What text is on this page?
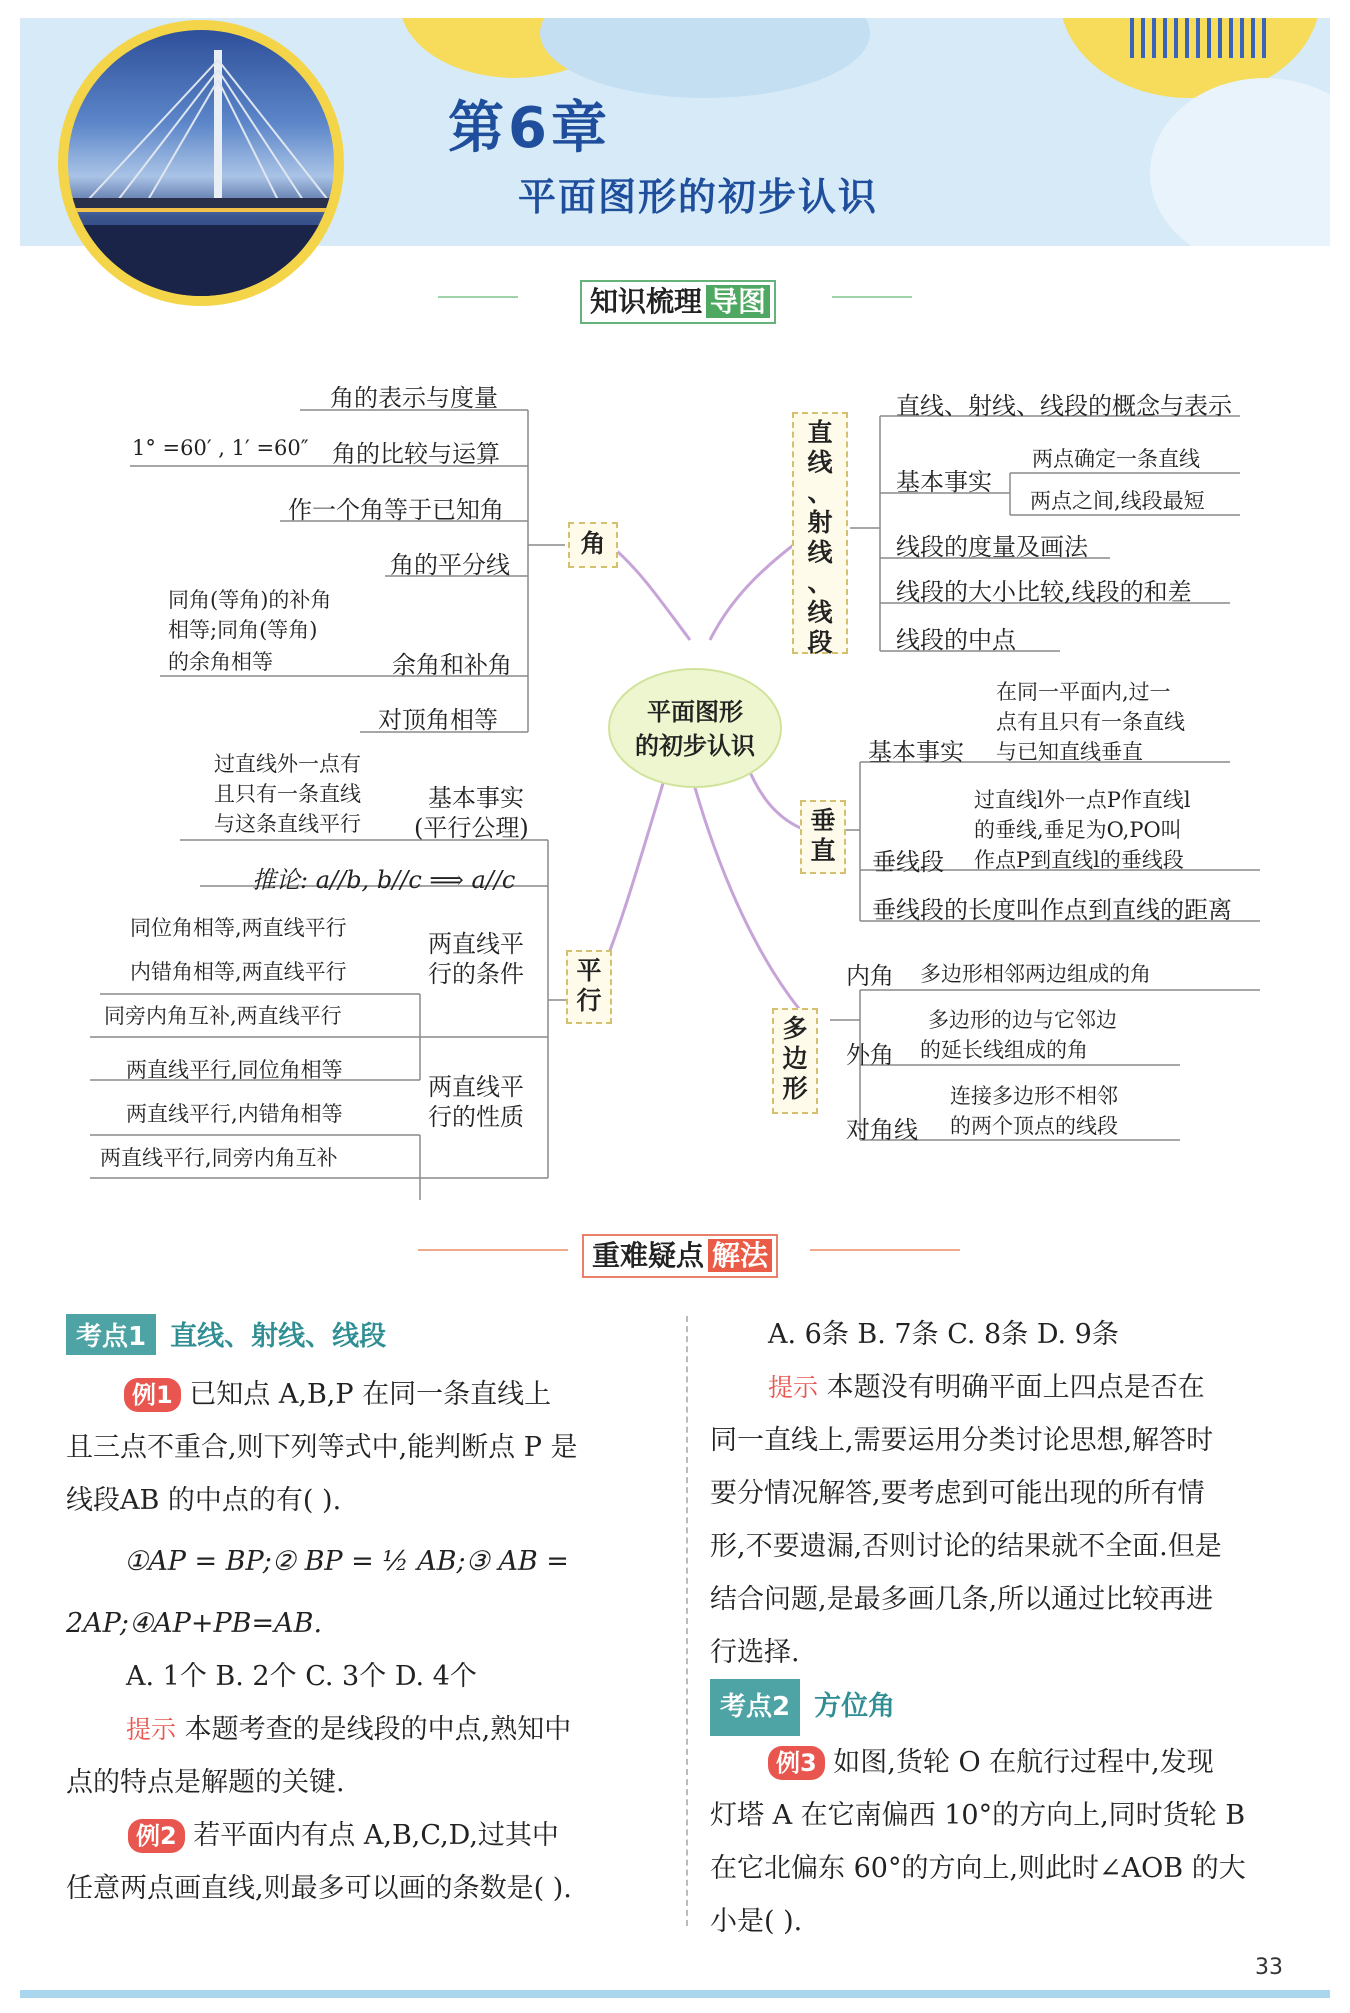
第6章
平面图形的初步认识
知识梳理 导图
平面图形
的初步认识
角
角的表示与度量
角的比较与运算
1° =60′ , 1′ =60″
作一个角等于已知角
角的平分线
同角(等角)的补角
相等;同角(等角)
的余角相等	余角和补角
对顶角相等
直
线
、
射
线
、
线
段
直线、射线、线段的概念与表示
基本事实
两点确定一条直线
两点之间,线段最短
线段的度量及画法
线段的大小比较,线段的和差
线段的中点
垂
直
基本事实
在同一平面内,过一
点有且只有一条直线
与已知直线垂直
垂线段
过直线l外一点P作直线l
的垂线,垂足为O,PO叫
作点P到直线l的垂线段
垂线段的长度叫作点到直线的距离
平
行
过直线外一点有
且只有一条直线
与这条直线平行
基本事实
(平行公理)
推论: a//b, b//c ⟹ a//c
两直线平
行的条件
同位角相等,两直线平行
内错角相等,两直线平行
同旁内角互补,两直线平行
两直线平
行的性质
两直线平行,同位角相等
两直线平行,内错角相等
两直线平行,同旁内角互补
多
边
形
内角 多边形相邻两边组成的角
外角
多边形的边与它邻边
的延长线组成的角
对角线
连接多边形不相邻
的两个顶点的线段
重难疑点 解法
考点1 直线、射线、线段
例1 已知点 A,B,P 在同一条直线上
且三点不重合,则下列等式中,能判断点 P 是
线段AB 的中点的有( ).
①AP = BP;② BP = ½ AB;③ AB =
2AP;④AP+PB=AB.
A. 1个 B. 2个 C. 3个 D. 4个
提示 本题考查的是线段的中点,熟知中
点的特点是解题的关键.
例2 若平面内有点 A,B,C,D,过其中
任意两点画直线,则最多可以画的条数是( ).
A. 6条 B. 7条 C. 8条 D. 9条
提示 本题没有明确平面上四点是否在
同一直线上,需要运用分类讨论思想,解答时
要分情况解答,要考虑到可能出现的所有情
形,不要遗漏,否则讨论的结果就不全面.但是
结合问题,是最多画几条,所以通过比较再进
行选择.
考点2 方位角
例3 如图,货轮 O 在航行过程中,发现
灯塔 A 在它南偏西 10°的方向上,同时货轮 B
在它北偏东 60°的方向上,则此时∠AOB 的大
小是( ).
33
